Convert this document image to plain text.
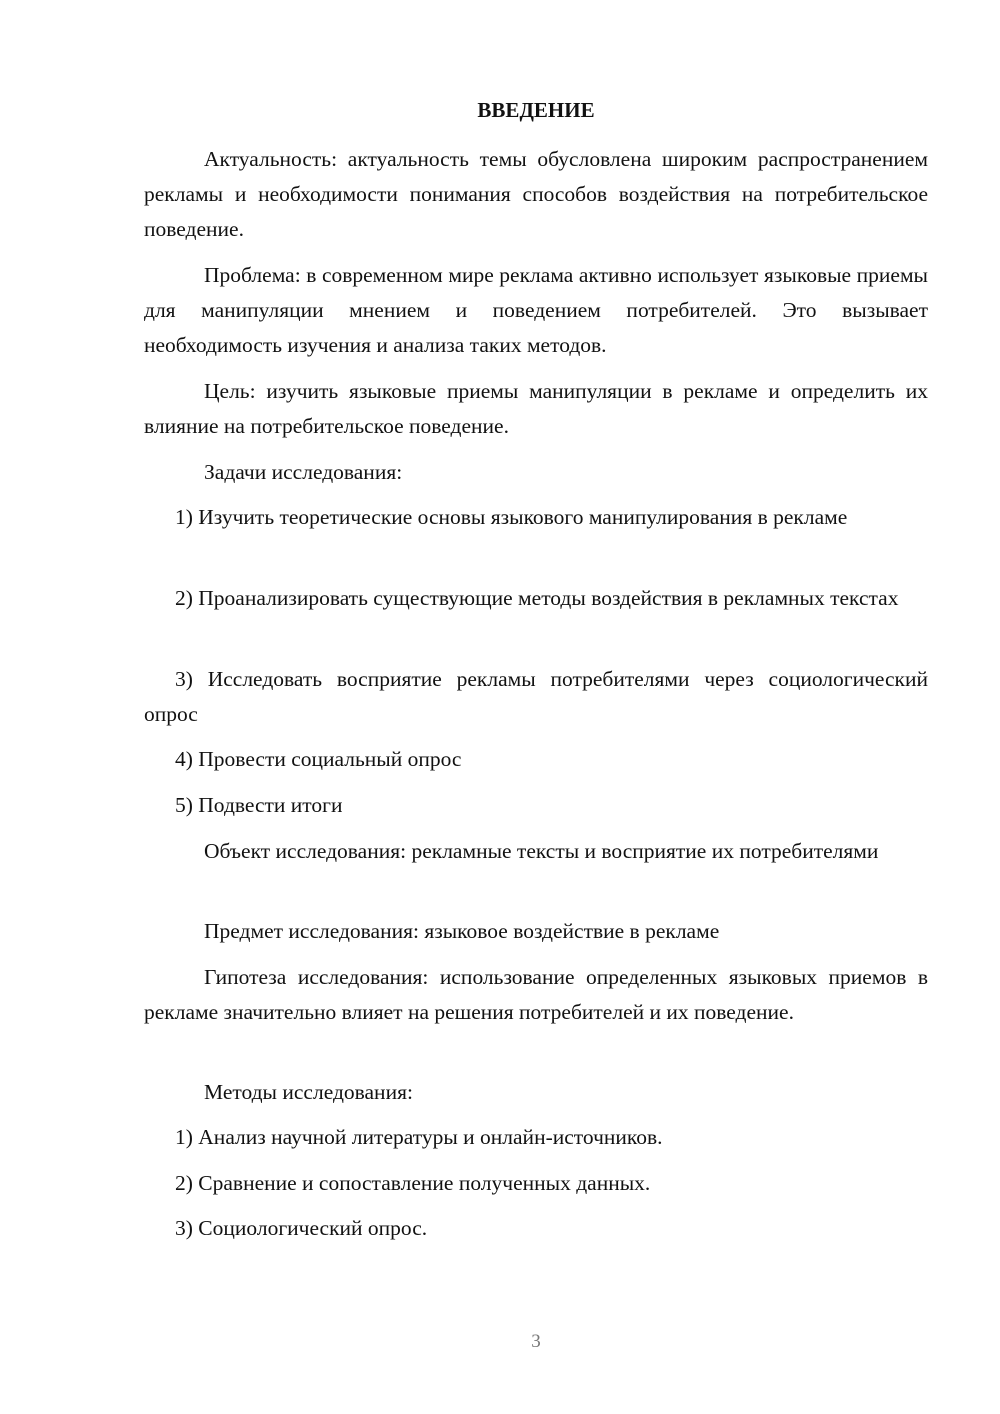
ВВЕДЕНИЕ

Актуальность: актуальность темы обусловлена широким распространением рекламы и необходимости понимания способов воздействия на потребительское поведение.

Проблема: в современном мире реклама активно использует языковые приемы для манипуляции мнением и поведением потребителей. Это вызывает необходимость изучения и анализа таких методов.

Цель: изучить языковые приемы манипуляции в рекламе и определить их влияние на потребительское поведение.

Задачи исследования:

1) Изучить теоретические основы языкового манипулирования в рекламе

2) Проанализировать существующие методы воздействия в рекламных текстах

3) Исследовать восприятие рекламы потребителями через социологический опрос

4) Провести социальный опрос

5) Подвести итоги

Объект исследования: рекламные тексты и восприятие их потребителями

Предмет исследования: языковое воздействие в рекламе

Гипотеза исследования: использование определенных языковых приемов в рекламе значительно влияет на решения потребителей и их поведение.

Методы исследования:

1) Анализ научной литературы и онлайн-источников.

2) Сравнение и сопоставление полученных данных.

3) Социологический опрос.

3
